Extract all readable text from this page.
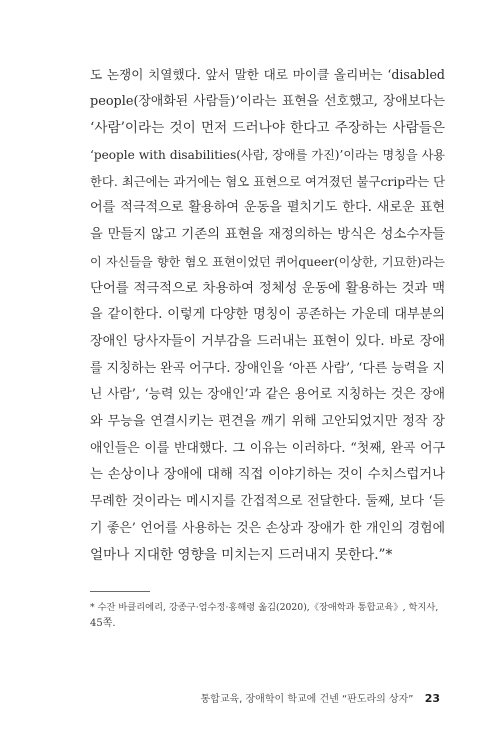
도 논쟁이 치열했다. 앞서 말한 대로 마이클 올리버는 ‘disabled
people(장애화된 사람들)’이라는 표현을 선호했고, 장애보다는
‘사람’이라는 것이 먼저 드러나야 한다고 주장하는 사람들은
‘people with disabilities(사람, 장애를 가진)’이라는 명칭을 사용
한다. 최근에는 과거에는 혐오 표현으로 여겨졌던 불구crip라는 단
어를 적극적으로 활용하여 운동을 펼치기도 한다. 새로운 표현
을 만들지 않고 기존의 표현을 재정의하는 방식은 성소수자들
이 자신들을 향한 혐오 표현이었던 퀴어queer(이상한, 기묘한)라는
단어를 적극적으로 차용하여 정체성 운동에 활용하는 것과 맥
을 같이한다. 이렇게 다양한 명칭이 공존하는 가운데 대부분의
장애인 당사자들이 거부감을 드러내는 표현이 있다. 바로 장애
를 지칭하는 완곡 어구다. 장애인을 ‘아픈 사람’, ‘다른 능력을 지
닌 사람’, ‘능력 있는 장애인’과 같은 용어로 지칭하는 것은 장애
와 무능을 연결시키는 편견을 깨기 위해 고안되었지만 정작 장
애인들은 이를 반대했다. 그 이유는 이러하다. “첫째, 완곡 어구
는 손상이나 장애에 대해 직접 이야기하는 것이 수치스럽거나
무례한 것이라는 메시지를 간접적으로 전달한다. 둘째, 보다 ‘듣
기 좋은’ 언어를 사용하는 것은 손상과 장애가 한 개인의 경험에
얼마나 지대한 영향을 미치는지 드러내지 못한다.”*
* 수잔 바클리에리, 강종구·엄수정·홍해령 옮김(2020),《장애학과 통합교육》, 학지사,
45쪽.
통합교육, 장애학이 학교에 건넨 “판도라의 상자” 23
